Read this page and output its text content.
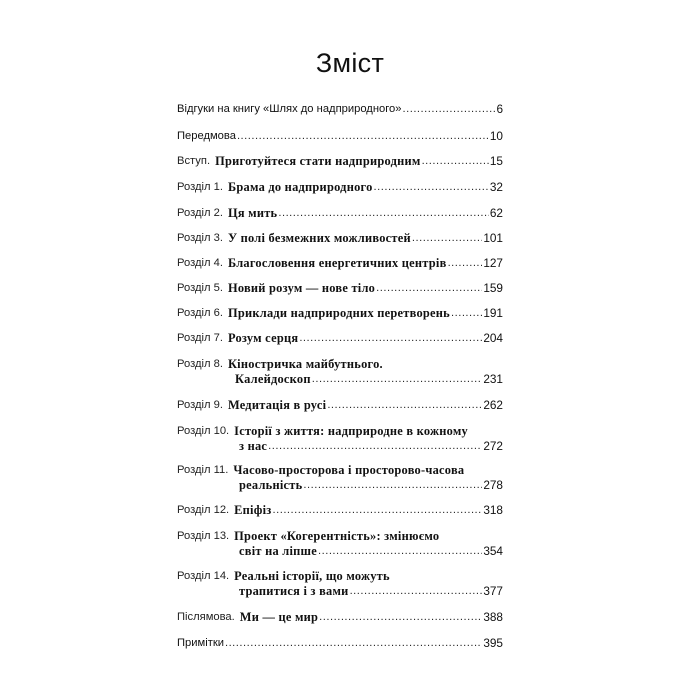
Зміст
Відгуки на книгу «Шлях до надприродного» .....	6
Передмова .....	10
Вступ. Приготуйтеся стати надприродним .....	15
Розділ 1. Брама до надприродного .....	32
Розділ 2. Ця мить .....	62
Розділ 3. У полі безмежних можливостей .....	101
Розділ 4. Благословення енергетичних центрів .....	127
Розділ 5. Новий розум — нове тіло .....	159
Розділ 6. Приклади надприродних перетворень .....	191
Розділ 7. Розум серця .....	204
Розділ 8. Кіностричка майбутнього.
Калейдоскоп .....	231
Розділ 9. Медитація в русі .....	262
Розділ 10. Історії з життя: надприродне в кожному
з нас .....	272
Розділ 11. Часово-просторова і просторово-часова
реальність .....	278
Розділ 12. Епіфіз .....	318
Розділ 13. Проект «Когерентність»: змінюємо
світ на ліпше .....	354
Розділ 14. Реальні історії, що можуть
трапитися і з вами .....	377
Післямова. Ми — це мир .....	388
Примітки .....	395
